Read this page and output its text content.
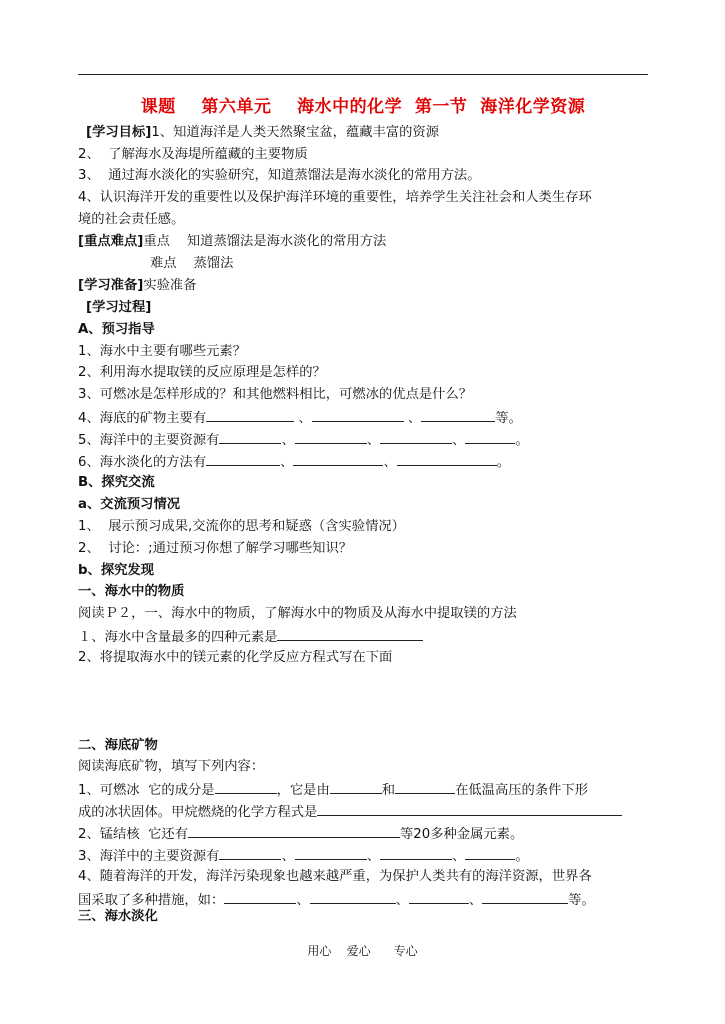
课题    第六单元    海水中的化学  第一节  海洋化学资源
[学习目标]1、知道海洋是人类天然聚宝盆，蕴藏丰富的资源
2、  了解海水及海堤所蕴藏的主要物质
3、  通过海水淡化的实验研究，知道蒸馏法是海水淡化的常用方法。
4、认识海洋开发的重要性以及保护海洋环境的重要性，培养学生关注社会和人类生存环
境的社会责任感。
[重点难点]重点    知道蒸馏法是海水淡化的常用方法
难点    蒸馏法
[学习准备]实验准备
[学习过程]
A、预习指导
1、海水中主要有哪些元素？
2、利用海水提取镁的反应原理是怎样的？
3、可燃冰是怎样形成的？和其他燃料相比，可燃冰的优点是什么？
4、海底的矿物主要有	、	、	等。
5、海洋中的主要资源有	、	、	、	。
6、海水淡化的方法有	、	、	。
B、探究交流
a、交流预习情况
1、  展示预习成果,交流你的思考和疑惑（含实验情况）
2、  讨论：;通过预习你想了解学习哪些知识？
b、探究发现
一、海水中的物质
阅读Ｐ２，一、海水中的物质，了解海水中的物质及从海水中提取镁的方法
１、海水中含量最多的四种元素是
2、将提取海水中的镁元素的化学反应方程式写在下面
二、海底矿物
阅读海底矿物，填写下列内容：
1、可燃冰  它的成分是	，它是由	和	在低温高压的条件下形
成的冰状固体。甲烷燃烧的化学方程式是
2、锰结核  它还有	等20多种金属元素。
3、海洋中的主要资源有	、	、	、	。
4、随着海洋的开发，海洋污染现象也越来越严重，为保护人类共有的海洋资源，世界各
国采取了多种措施，如：	、	、	、	等。
三、海水淡化
用心    爱心      专心
